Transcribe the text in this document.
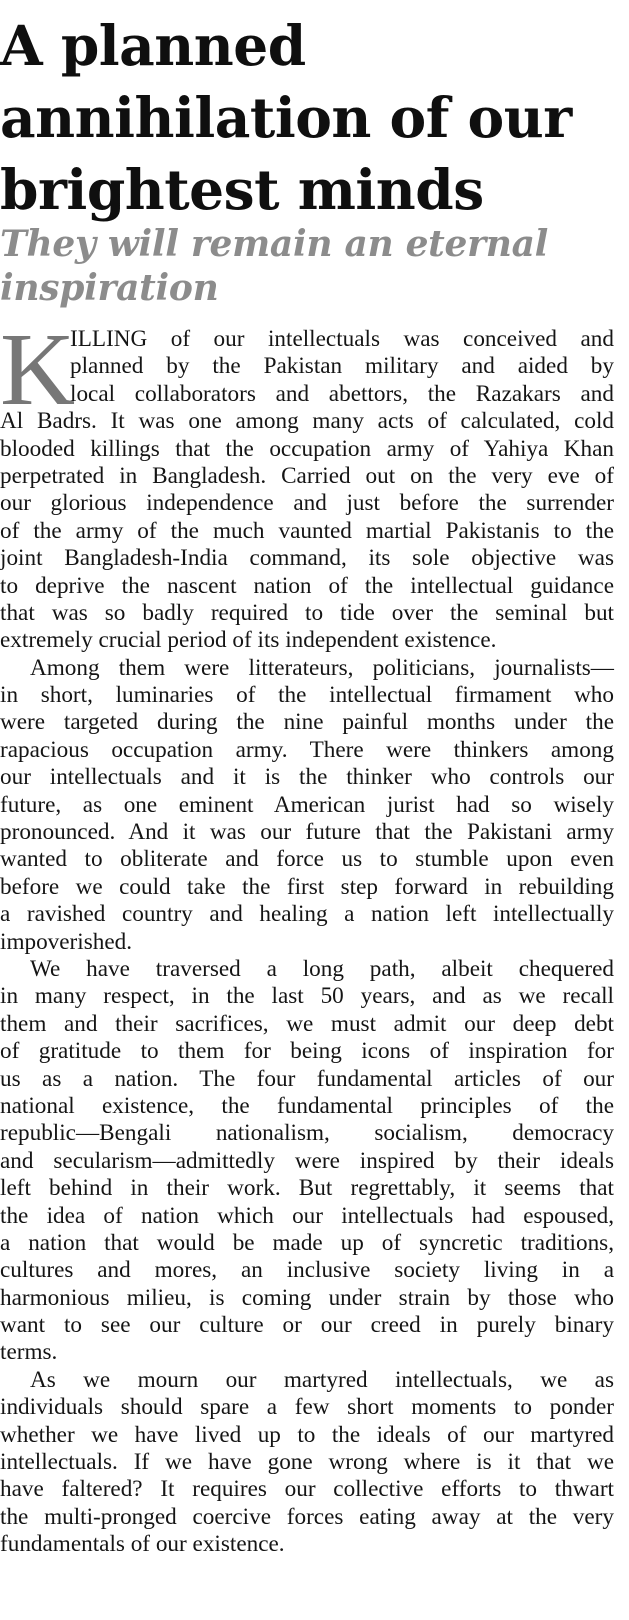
A planned
annihilation of our
brightest minds
They will remain an eternal
inspiration
K
ILLING of our intellectuals was conceived and
planned by the Pakistan military and aided by
local collaborators and abettors, the Razakars and
Al Badrs. It was one among many acts of calculated, cold
blooded killings that the occupation army of Yahiya Khan
perpetrated in Bangladesh. Carried out on the very eve of
our glorious independence and just before the surrender
of the army of the much vaunted martial Pakistanis to the
joint Bangladesh-India command, its sole objective was
to deprive the nascent nation of the intellectual guidance
that was so badly required to tide over the seminal but
extremely crucial period of its independent existence.
Among them were litterateurs, politicians, journalists—
in short, luminaries of the intellectual firmament who
were targeted during the nine painful months under the
rapacious occupation army. There were thinkers among
our intellectuals and it is the thinker who controls our
future, as one eminent American jurist had so wisely
pronounced. And it was our future that the Pakistani army
wanted to obliterate and force us to stumble upon even
before we could take the first step forward in rebuilding
a ravished country and healing a nation left intellectually
impoverished.
We have traversed a long path, albeit chequered
in many respect, in the last 50 years, and as we recall
them and their sacrifices, we must admit our deep debt
of gratitude to them for being icons of inspiration for
us as a nation. The four fundamental articles of our
national existence, the fundamental principles of the
republic—Bengali nationalism, socialism, democracy
and secularism—admittedly were inspired by their ideals
left behind in their work. But regrettably, it seems that
the idea of nation which our intellectuals had espoused,
a nation that would be made up of syncretic traditions,
cultures and mores, an inclusive society living in a
harmonious milieu, is coming under strain by those who
want to see our culture or our creed in purely binary
terms.
As we mourn our martyred intellectuals, we as
individuals should spare a few short moments to ponder
whether we have lived up to the ideals of our martyred
intellectuals. If we have gone wrong where is it that we
have faltered? It requires our collective efforts to thwart
the multi-pronged coercive forces eating away at the very
fundamentals of our existence.
